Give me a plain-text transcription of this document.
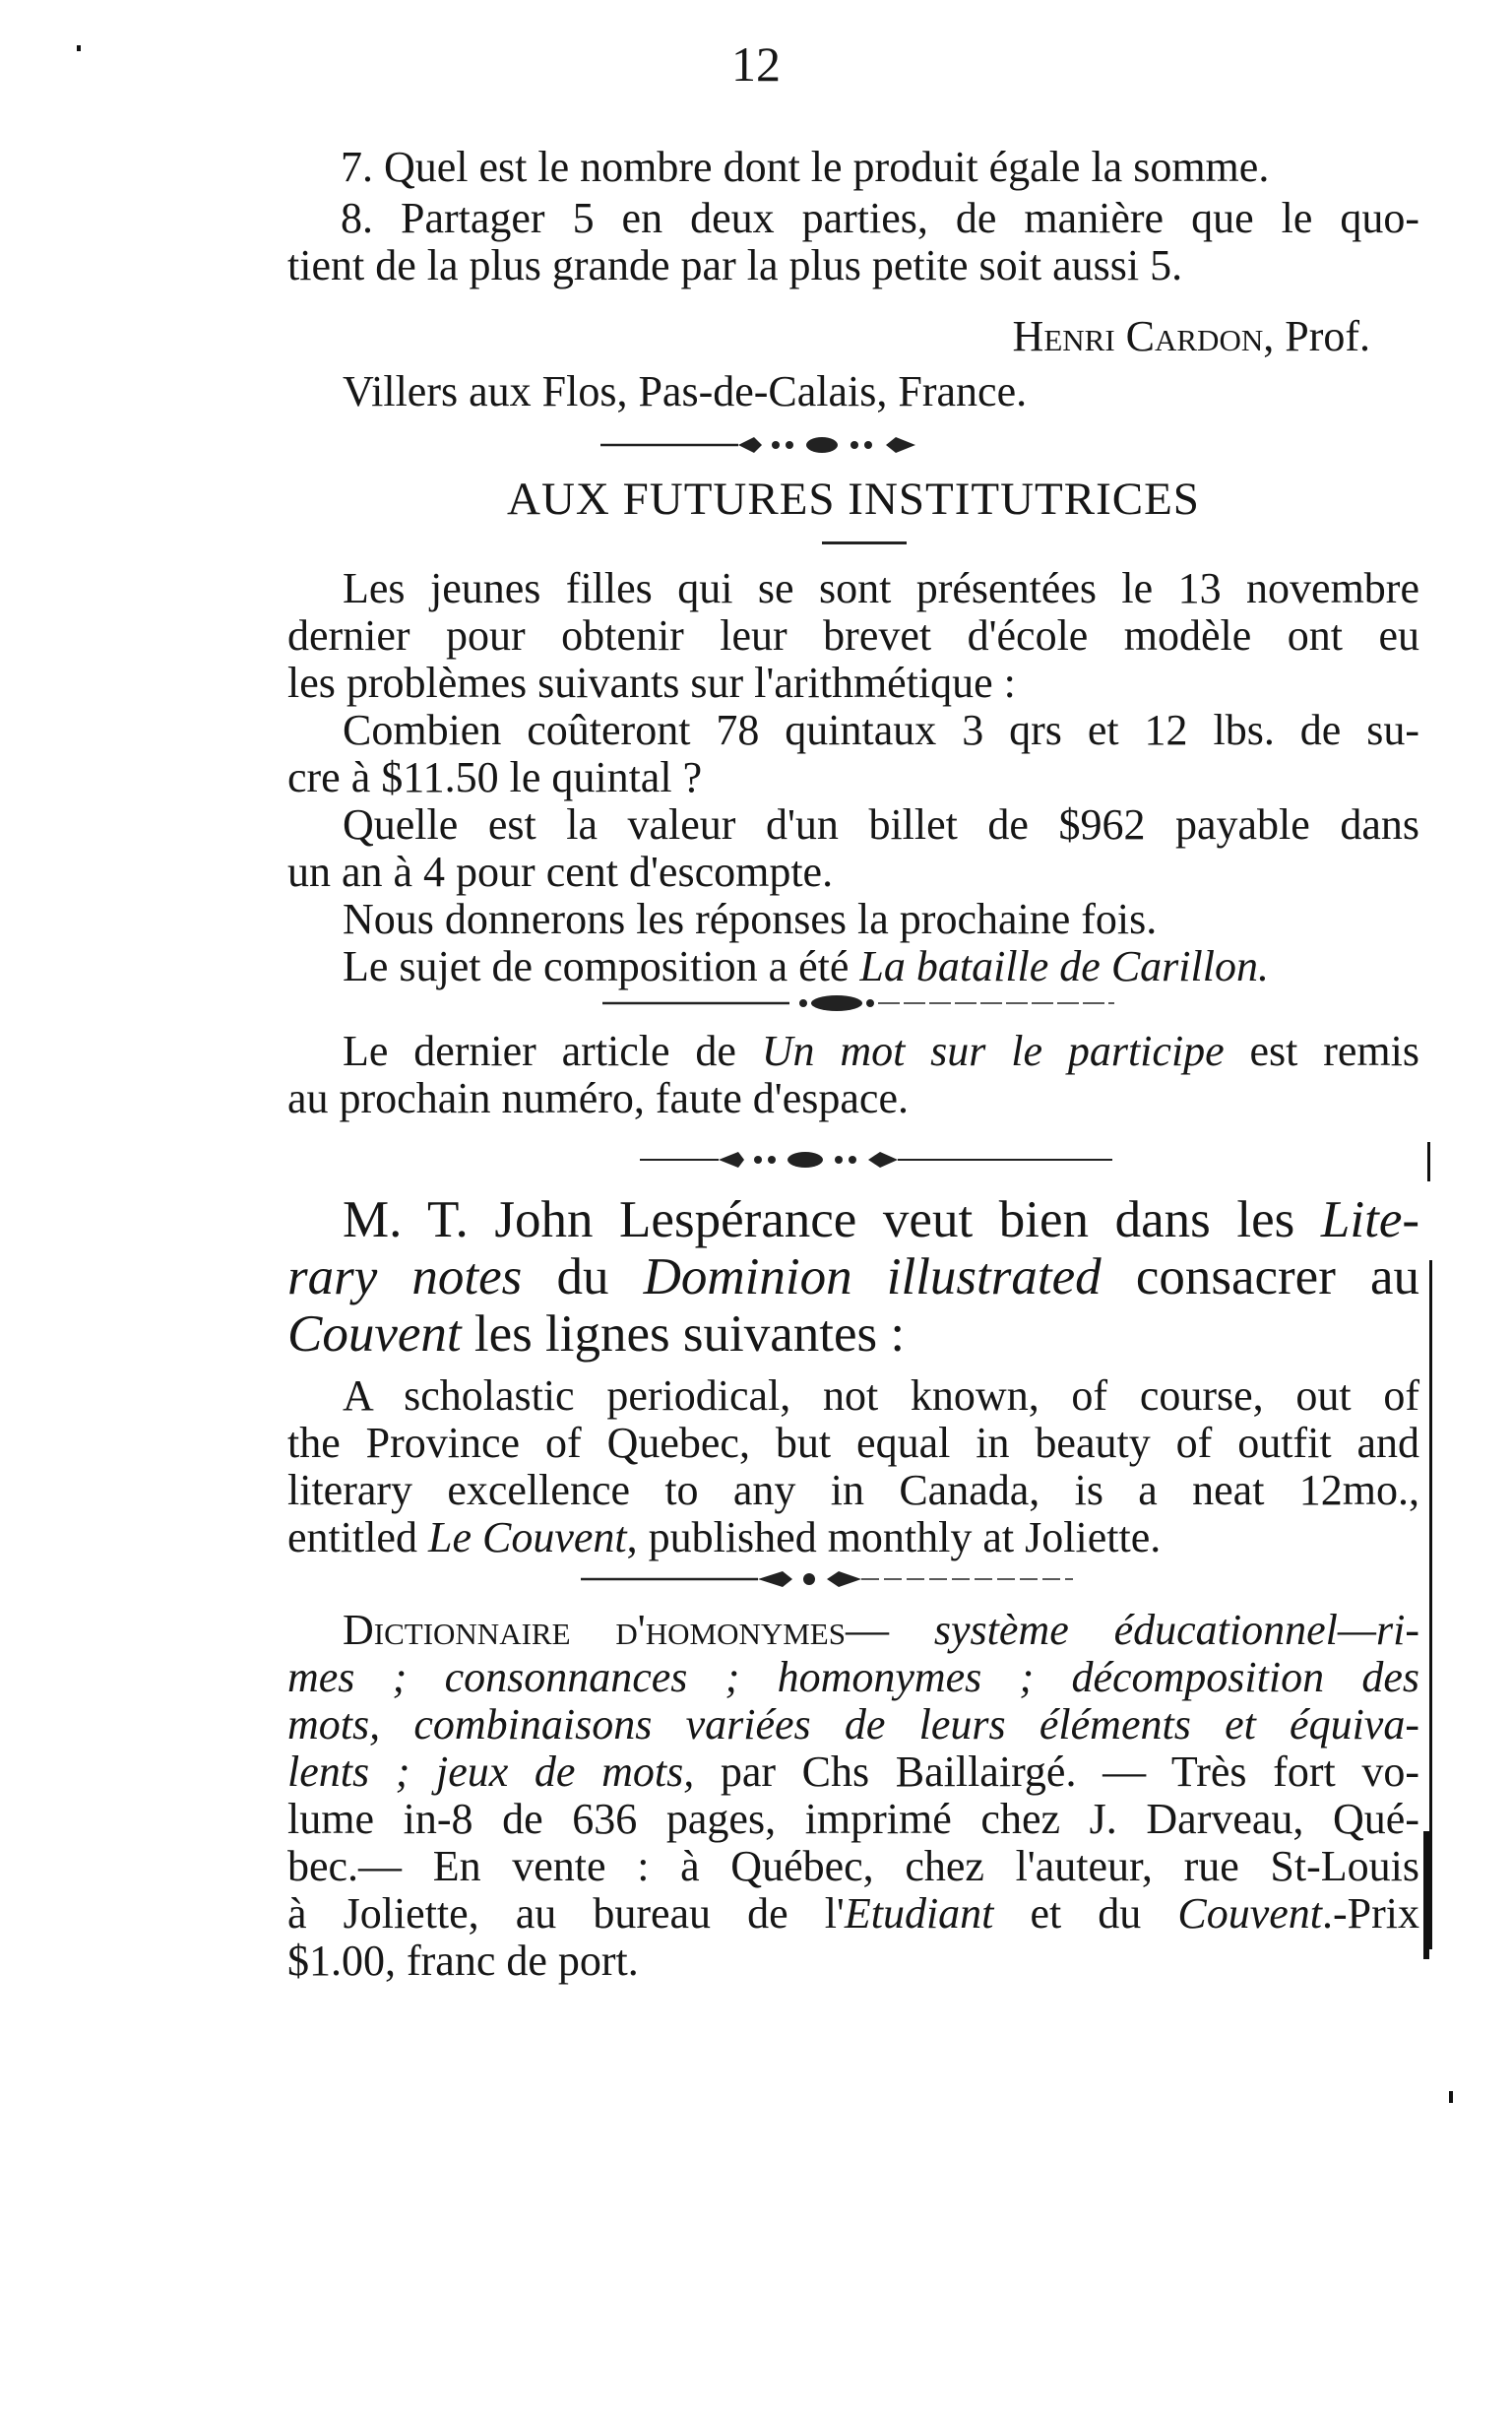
12
7. Quel est le nombre dont le produit égale la somme.
8. Partager 5 en deux parties, de manière que le quo-
tient de la plus grande par la plus petite soit aussi 5.
Henri Cardon, Prof.
Villers aux Flos, Pas-de-Calais, France.
AUX FUTURES INSTITUTRICES
Les jeunes filles qui se sont présentées le 13 novembre
dernier pour obtenir leur brevet d'école modèle ont eu
les problèmes suivants sur l'arithmétique :
Combien coûteront 78 quintaux 3 qrs et 12 lbs. de su-
cre à $11.50 le quintal ?
Quelle est la valeur d'un billet de $962 payable dans
un an à 4 pour cent d'escompte.
Nous donnerons les réponses la prochaine fois.
Le sujet de composition a été La bataille de Carillon.
Le dernier article de Un mot sur le participe est remis
au prochain numéro, faute d'espace.
M. T. John Lespérance veut bien dans les Lite-
rary notes du Dominion illustrated consacrer au
Couvent les lignes suivantes :
A scholastic periodical, not known, of course, out of
the Province of Quebec, but equal in beauty of outfit and
literary excellence to any in Canada, is a neat 12mo.,
entitled Le Couvent, published monthly at Joliette.
Dictionnaire d'homonymes— système éducationnel—ri-
mes ; consonnances ; homonymes ; décomposition des
mots, combinaisons variées de leurs éléments et équiva-
lents ; jeux de mots, par Chs Baillairgé. — Très fort vo-
lume in-8 de 636 pages, imprimé chez J. Darveau, Qué-
bec.— En vente : à Québec, chez l'auteur, rue St-Louis
à Joliette, au bureau de l'Etudiant et du Couvent.-Prix
$1.00, franc de port.
